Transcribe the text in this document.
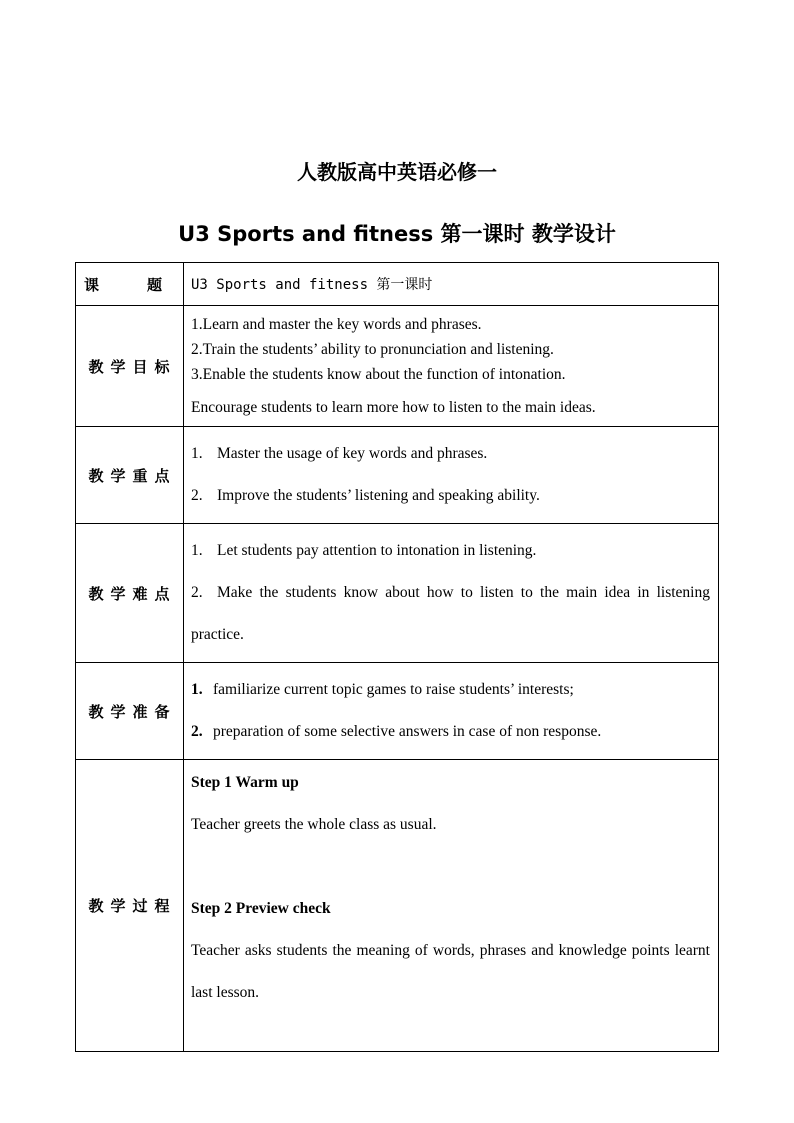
人教版高中英语必修一
U3 Sports and fitness 第一课时 教学设计
课 题	U3 Sports and fitness 第一课时
教学目标	1.Learn and master the key words and phrases.
2.Train the students’ ability to pronunciation and listening.
3.Enable the students know about the function of intonation.
Encourage students to learn more how to listen to the main ideas.

教学重点	1. Master the usage of key words and phrases.
2. Improve the students’ listening and speaking ability.

教学难点	1. Let students pay attention to intonation in listening.
2. Make the students know about how to listen to the main idea in listening practice.

教学准备	1. familiarize current topic games to raise students’ interests;
2. preparation of some selective answers in case of non response.

教学过程	Step 1 Warm up
Teacher greets the whole class as usual.

Step 2 Preview check
Teacher asks students the meaning of words, phrases and knowledge points learnt last lesson.
